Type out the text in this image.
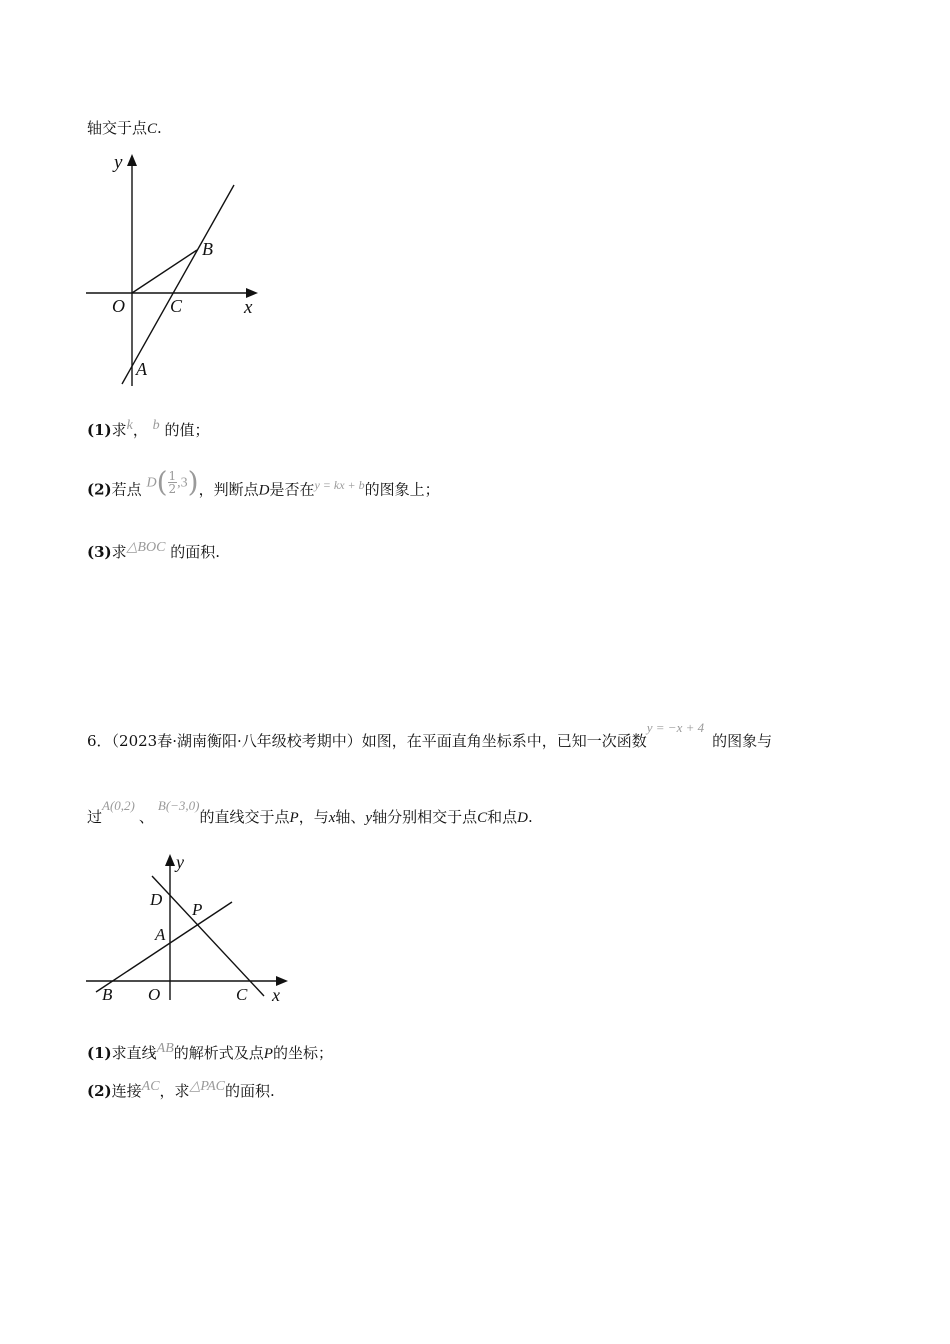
轴交于点C.
y
x
O	C
B
A
(1)求k， b 的值；
(2)若点 $D( \frac{1}{2} ,3)$，判断点D是否在$^{y = kx + b}$的图象上；
(3)求△BOC 的面积.
6．（2023春·湖南衡阳·八年级校考期中）如图，在平面直角坐标系中，已知一次函数y = −x + 4的图象与
过A(0,2)、B(−3,0)的直线交于点P，与x轴、y轴分别相交于点C和点D.
y
x
O
B	C
D
P
A
(1)求直线AB的解析式及点P的坐标；
(2)连接AC，求△PAC的面积.
